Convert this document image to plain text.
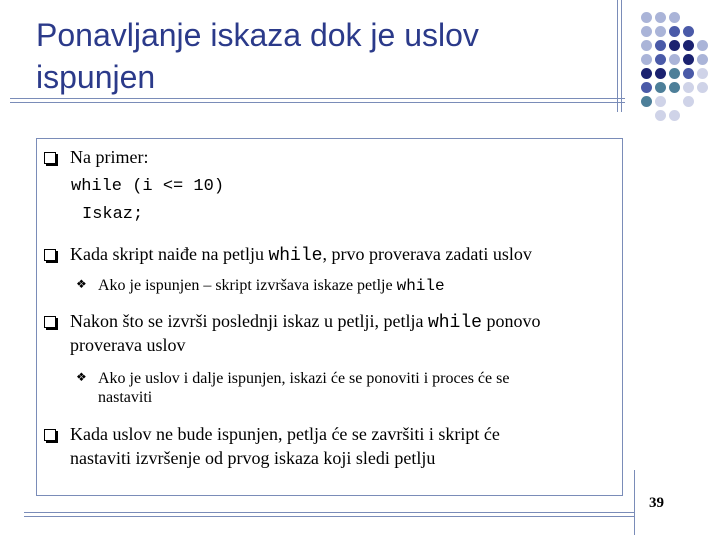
Ponavljanje iskaza dok je uslov
ispunjen
Na primer:
while (i <= 10)
Iskaz;
Kada skript naiđe na petlju while, prvo proverava zadati uslov
❖ Ako je ispunjen – skript izvršava iskaze petlje while
Nakon što se izvrši poslednji iskaz u petlji, petlja while ponovo
proverava uslov
❖ Ako je uslov i dalje ispunjen, iskazi će se ponoviti i proces će se
nastaviti
Kada uslov ne bude ispunjen, petlja će se završiti i skript će
nastaviti izvršenje od prvog iskaza koji sledi petlju
39
